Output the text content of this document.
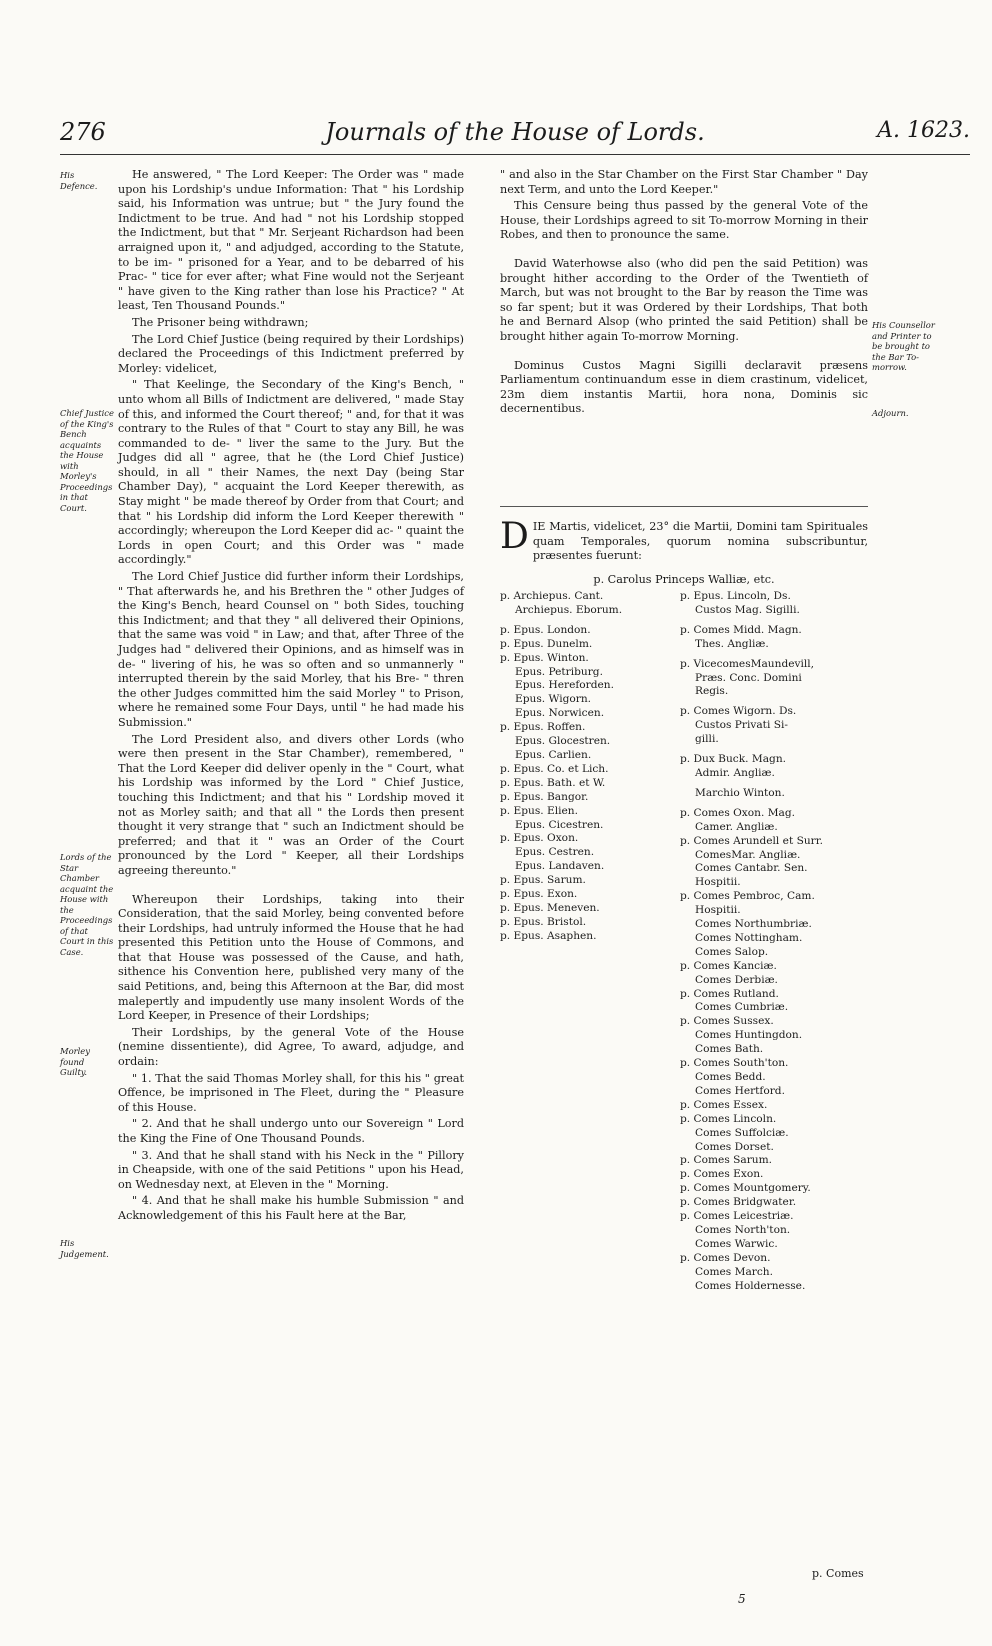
276	Journals of the House of Lords.	A. 1623.
His Defence.
Chief Justice of the King's Bench acquaints the House with Morley's Proceedings in that Court.
Lords of the Star Chamber acquaint the House with the Proceedings of that Court in this Case.
Morley found Guilty.
His Judgement.
His Counsellor and Printer to be brought to the Bar To-morrow.
Adjourn.

He answered, " The Lord Keeper: The Order was " made upon his Lordship's undue Information: That " his Lordship said, his Information was untrue; but " the Jury found the Indictment to be true. And had " not his Lordship stopped the Indictment, but that " Mr. Serjeant Richardson had been arraigned upon it, " and adjudged, according to the Statute, to be im- " prisoned for a Year, and to be debarred of his Prac- " tice for ever after; what Fine would not the Serjeant " have given to the King rather than lose his Practice? " At least, Ten Thousand Pounds."

The Prisoner being withdrawn;

The Lord Chief Justice (being required by their Lordships) declared the Proceedings of this Indictment preferred by Morley: videlicet,

" That Keelinge, the Secondary of the King's Bench, " unto whom all Bills of Indictment are delivered, " made Stay of this, and informed the Court thereof; " and, for that it was contrary to the Rules of that " Court to stay any Bill, he was commanded to de- " liver the same to the Jury. But the Judges did all " agree, that he (the Lord Chief Justice) should, in all " their Names, the next Day (being Star Chamber Day), " acquaint the Lord Keeper therewith, as Stay might " be made thereof by Order from that Court; and that " his Lordship did inform the Lord Keeper therewith " accordingly; whereupon the Lord Keeper did ac- " quaint the Lords in open Court; and this Order was " made accordingly."

The Lord Chief Justice did further inform their Lordships, " That afterwards he, and his Brethren the " other Judges of the King's Bench, heard Counsel on " both Sides, touching this Indictment; and that they " all delivered their Opinions, that the same was void " in Law; and that, after Three of the Judges had " delivered their Opinions, and as himself was in de- " livering of his, he was so often and so unmannerly " interrupted therein by the said Morley, that his Bre- " thren the other Judges committed him the said Morley " to Prison, where he remained some Four Days, until " he had made his Submission."

The Lord President also, and divers other Lords (who were then present in the Star Chamber), remembered, " That the Lord Keeper did deliver openly in the " Court, what his Lordship was informed by the Lord " Chief Justice, touching this Indictment; and that his " Lordship moved it not as Morley saith; and that all " the Lords then present thought it very strange that " such an Indictment should be preferred; and that it " was an Order of the Court pronounced by the Lord " Keeper, all their Lordships agreeing thereunto."

Whereupon their Lordships, taking into their Consideration, that the said Morley, being convented before their Lordships, had untruly informed the House that he had presented this Petition unto the House of Commons, and that that House was possessed of the Cause, and hath, sithence his Convention here, published very many of the said Petitions, and, being this Afternoon at the Bar, did most malepertly and impudently use many insolent Words of the Lord Keeper, in Presence of their Lordships;

Their Lordships, by the general Vote of the House (nemine dissentiente), did Agree, To award, adjudge, and ordain:

" 1. That the said Thomas Morley shall, for this his " great Offence, be imprisoned in The Fleet, during the " Pleasure of this House.

" 2. And that he shall undergo unto our Sovereign " Lord the King the Fine of One Thousand Pounds.

" 3. And that he shall stand with his Neck in the " Pillory in Cheapside, with one of the said Petitions " upon his Head, on Wednesday next, at Eleven in the " Morning.

" 4. And that he shall make his humble Submission " and Acknowledgement of this his Fault here at the Bar,

" and also in the Star Chamber on the First Star Chamber " Day next Term, and unto the Lord Keeper."

This Censure being thus passed by the general Vote of the House, their Lordships agreed to sit To-morrow Morning in their Robes, and then to pronounce the same.

David Waterhowse also (who did pen the said Petition) was brought hither according to the Order of the Twentieth of March, but was not brought to the Bar by reason the Time was so far spent; but it was Ordered by their Lordships, That both he and Bernard Alsop (who printed the said Petition) shall be brought hither again To-morrow Morning.

Dominus Custos Magni Sigilli declaravit præsens Parliamentum continuandum esse in diem crastinum, videlicet, 23m diem instantis Martii, hora nona, Dominis sic decernentibus.

D IE Martis, videlicet, 23° die Martii, Domini tam Spirituales quam Temporales, quorum nomina subscribuntur, præsentes fuerunt:
p. Carolus Princeps Walliæ, etc.
p. Archiepus. Cant.
Archiepus. Eborum.

p. Epus. London.
p. Epus. Dunelm.
p. Epus. Winton.
Epus. Petriburg.
Epus. Hereforden.
Epus. Wigorn.
Epus. Norwicen.
p. Epus. Roffen.
Epus. Glocestren.
Epus. Carlien.
p. Epus. Co. et Lich.
p. Epus. Bath. et W.
p. Epus. Bangor.
p. Epus. Elien.
Epus. Cicestren.
p. Epus. Oxon.
Epus. Cestren.
Epus. Landaven.
p. Epus. Sarum.
p. Epus. Exon.
p. Epus. Meneven.
p. Epus. Bristol.
p. Epus. Asaphen.
p. Epus. Lincoln, Ds.
Custos Mag. Sigilli.

p. Comes Midd. Magn.
Thes. Angliæ.

p. VicecomesMaundevill,
Præs. Conc. Domini
Regis.

p. Comes Wigorn. Ds.
Custos Privati Si-
gilli.

p. Dux Buck. Magn.
Admir. Angliæ.

Marchio Winton.

p. Comes Oxon. Mag.
Camer. Angliæ.
p. Comes Arundell et Surr.
ComesMar. Angliæ.
Comes Cantabr. Sen.
Hospitii.
p. Comes Pembroc, Cam.
Hospitii.
Comes Northumbriæ.
Comes Nottingham.
Comes Salop.
p. Comes Kanciæ.
Comes Derbiæ.
p. Comes Rutland.
Comes Cumbriæ.
p. Comes Sussex.
Comes Huntingdon.
Comes Bath.
p. Comes South'ton.
Comes Bedd.
Comes Hertford.
p. Comes Essex.
p. Comes Lincoln.
Comes Suffolciæ.
Comes Dorset.
p. Comes Sarum.
p. Comes Exon.
p. Comes Mountgomery.
p. Comes Bridgwater.
p. Comes Leicestriæ.
Comes North'ton.
Comes Warwic.
p. Comes Devon.
Comes March.
Comes Holdernesse.
p. Comes
5
